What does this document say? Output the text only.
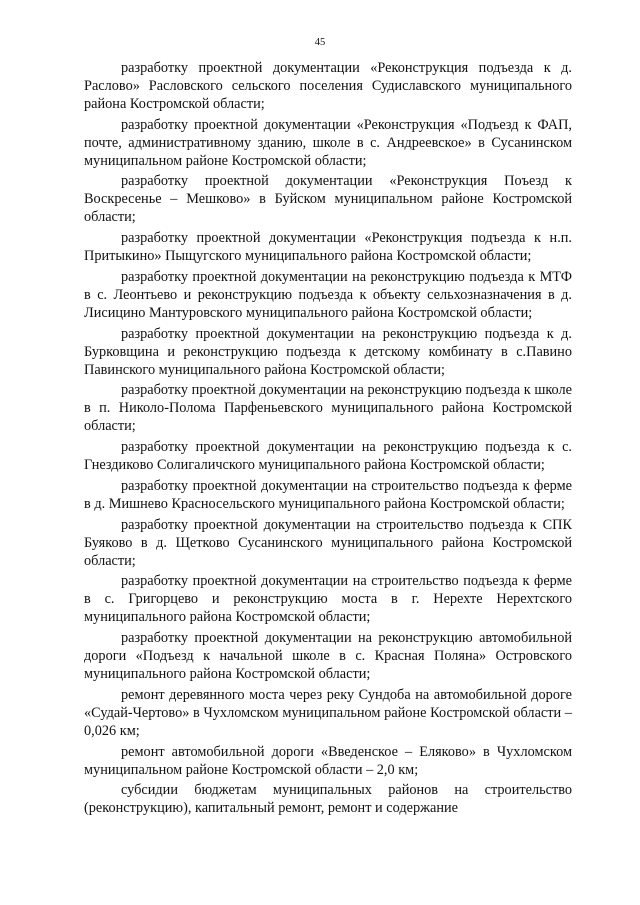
45

разработку проектной документации «Реконструкция подъезда к д. Раслово» Расловского сельского поселения Судиславского муниципального района Костромской области;

разработку проектной документации «Реконструкция «Подъезд к ФАП, почте, административному зданию, школе в с. Андреевское» в Сусанинском муниципальном районе Костромской области;

разработку проектной документации «Реконструкция Поъезд к Воскресенье – Мешково» в Буйском муниципальном районе Костромской области;

разработку проектной документации «Реконструкция подъезда к н.п. Притыкино» Пыщугского муниципального района Костромской области;

разработку проектной документации на реконструкцию подъезда к МТФ в с. Леонтьево и реконструкцию подъезда к объекту сельхозназначения в д. Лисицино Мантуровского муниципального района Костромской области;

разработку проектной документации на реконструкцию подъезда к д. Бурковщина и реконструкцию подъезда к детскому комбинату в с.Павино Павинского муниципального района Костромской области;

разработку проектной документации на реконструкцию подъезда к школе в п. Николо-Полома Парфеньевского муниципального района Костромской области;

разработку проектной документации на реконструкцию подъезда к с. Гнездиково Солигаличского муниципального района Костромской области;

разработку проектной документации на строительство подъезда к ферме в д. Мишнево Красносельского муниципального района Костромской области;

разработку проектной документации на строительство подъезда к СПК Буяково в д. Щетково Сусанинского муниципального района Костромской области;

разработку проектной документации на строительство подъезда к ферме в с. Григорцево и реконструкцию моста в г. Нерехте Нерехтского муниципального района Костромской области;

разработку проектной документации на реконструкцию автомобильной дороги «Подъезд к начальной школе в с. Красная Поляна» Островского муниципального района Костромской области;

ремонт деревянного моста через реку Сундоба на автомобильной дороге «Судай-Чертово» в Чухломском муниципальном районе Костромской области – 0,026 км;

ремонт автомобильной дороги «Введенское – Еляково» в Чухломском муниципальном районе Костромской области – 2,0 км;

субсидии бюджетам муниципальных районов на строительство (реконструкцию), капитальный ремонт, ремонт и содержание
